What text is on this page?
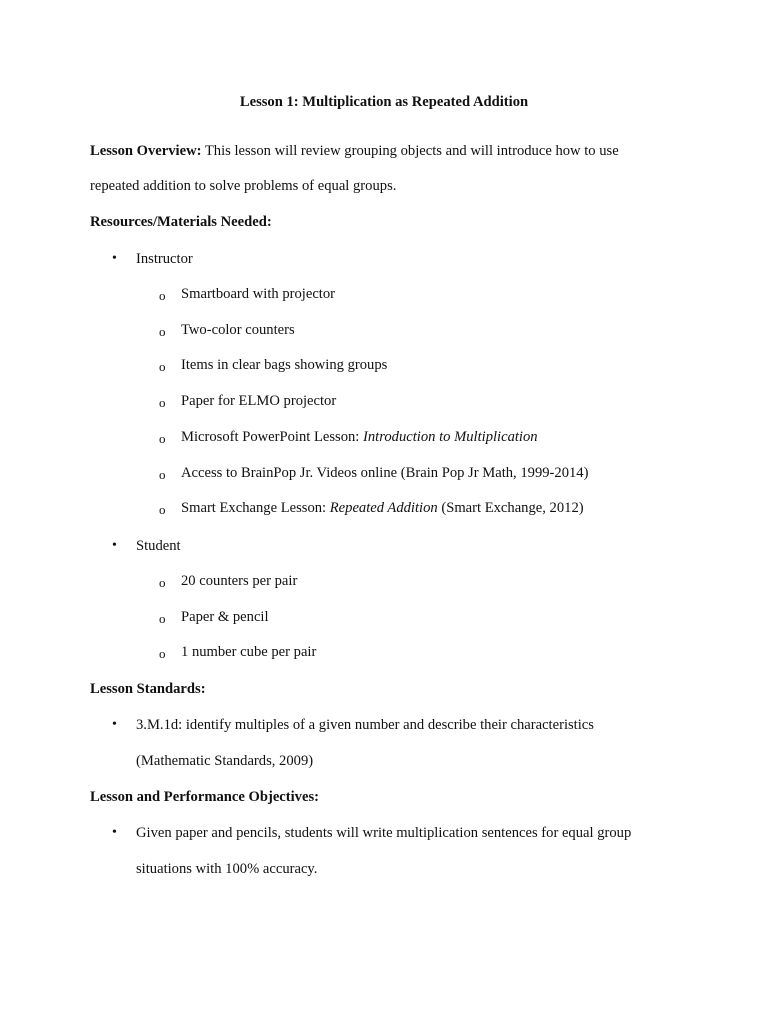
Lesson 1: Multiplication as Repeated Addition
Lesson Overview: This lesson will review grouping objects and will introduce how to use
repeated addition to solve problems of equal groups.
Resources/Materials Needed:
• Instructor
o Smartboard with projector
o Two-color counters
o Items in clear bags showing groups
o Paper for ELMO projector
o Microsoft PowerPoint Lesson: Introduction to Multiplication
o Access to BrainPop Jr. Videos online (Brain Pop Jr Math, 1999-2014)
o Smart Exchange Lesson: Repeated Addition (Smart Exchange, 2012)
• Student
o 20 counters per pair
o Paper & pencil
o 1 number cube per pair
Lesson Standards:
• 3.M.1d: identify multiples of a given number and describe their characteristics
(Mathematic Standards, 2009)
Lesson and Performance Objectives:
• Given paper and pencils, students will write multiplication sentences for equal group
situations with 100% accuracy.
